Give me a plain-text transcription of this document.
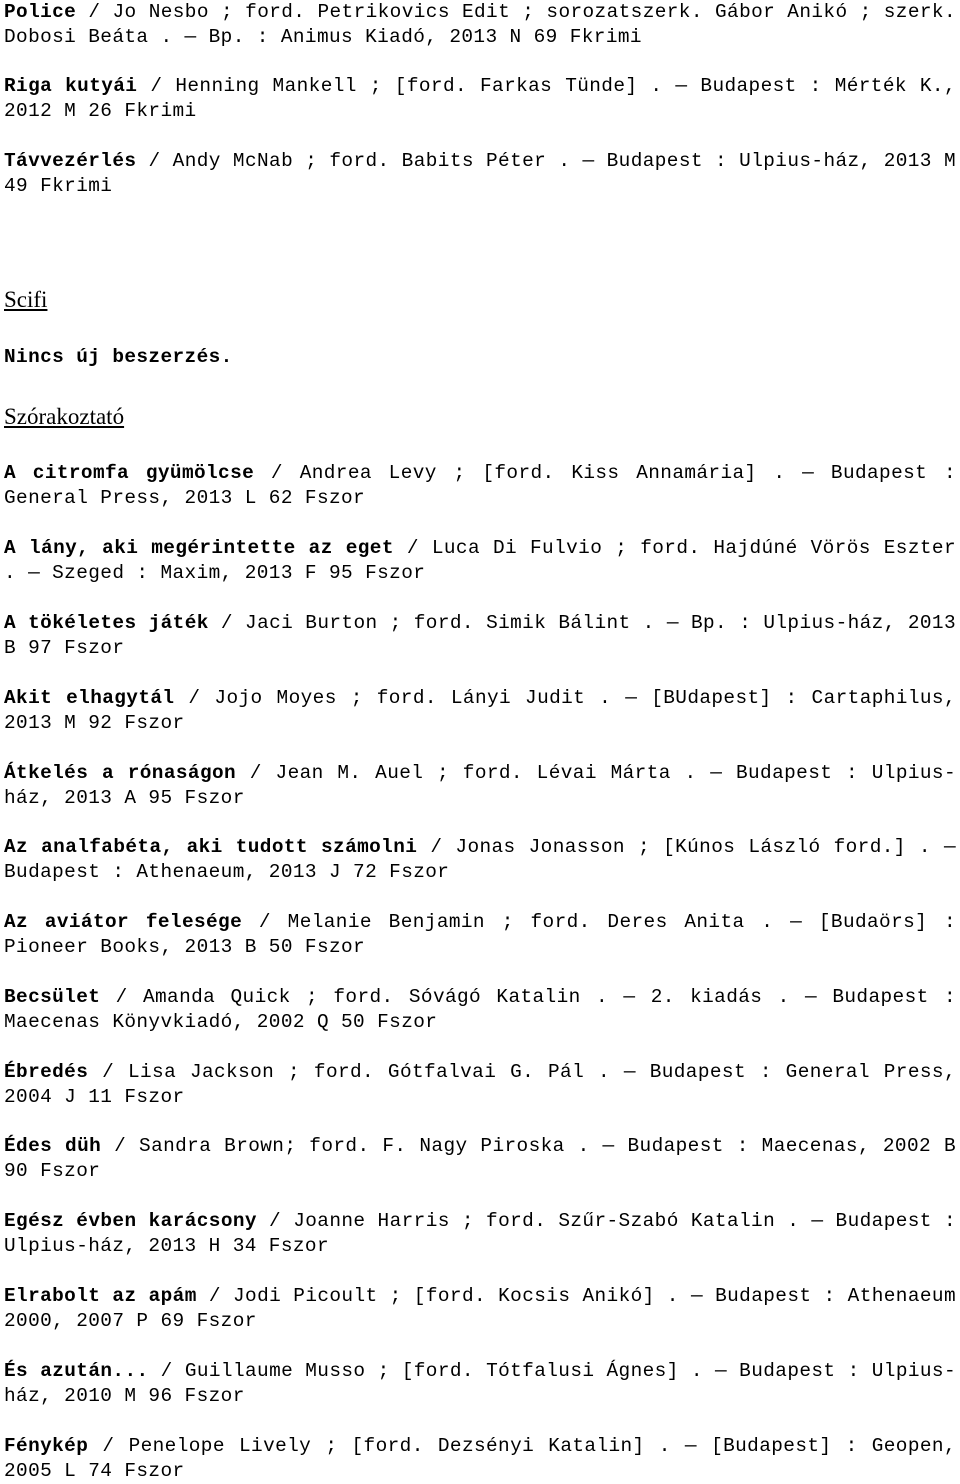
Police / Jo Nesbo ; ford. Petrikovics Edit ; sorozatszerk. Gábor Anikó ; szerk. Dobosi Beáta . — Bp. : Animus Kiadó, 2013 N 69 Fkrimi
Riga kutyái / Henning Mankell ; [ford. Farkas Tünde] . — Budapest : Mérték K., 2012 M 26 Fkrimi
Távvezérlés / Andy McNab ; ford. Babits Péter . — Budapest : Ulpius-ház, 2013 M 49 Fkrimi
Scifi
Nincs új beszerzés.
Szórakoztató
A citromfa gyümölcse / Andrea Levy ; [ford. Kiss Annamária] . — Budapest : General Press, 2013 L 62 Fszor
A lány, aki megérintette az eget / Luca Di Fulvio ; ford. Hajdúné Vörös Eszter . — Szeged : Maxim, 2013 F 95 Fszor
A tökéletes játék / Jaci Burton ; ford. Simik Bálint . — Bp. : Ulpius-ház, 2013 B 97 Fszor
Akit elhagytál / Jojo Moyes ; ford. Lányi Judit . — [BUdapest] : Cartaphilus, 2013 M 92 Fszor
Átkelés a rónaságon / Jean M. Auel ; ford. Lévai Márta . — Budapest : Ulpius-ház, 2013 A 95 Fszor
Az analfabéta, aki tudott számolni / Jonas Jonasson ; [Kúnos László ford.] . — Budapest : Athenaeum, 2013 J 72 Fszor
Az aviátor felesége / Melanie Benjamin ; ford. Deres Anita . — [Budaörs] : Pioneer Books, 2013 B 50 Fszor
Becsület / Amanda Quick ; ford. Sóvágó Katalin . — 2. kiadás . — Budapest : Maecenas Könyvkiadó, 2002 Q 50 Fszor
Ébredés / Lisa Jackson ; ford. Gótfalvai G. Pál . — Budapest : General Press, 2004 J 11 Fszor
Édes düh / Sandra Brown; ford. F. Nagy Piroska . — Budapest : Maecenas, 2002 B 90 Fszor
Egész évben karácsony / Joanne Harris ; ford. Szűr-Szabó Katalin . — Budapest : Ulpius-ház, 2013 H 34 Fszor
Elrabolt az apám / Jodi Picoult ; [ford. Kocsis Anikó] . — Budapest : Athenaeum 2000, 2007 P 69 Fszor
És azután... / Guillaume Musso ; [ford. Tótfalusi Ágnes] . — Budapest : Ulpius-ház, 2010 M 96 Fszor
Fénykép / Penelope Lively ; [ford. Dezsényi Katalin] . — [Budapest] : Geopen, 2005 L 74 Fszor
